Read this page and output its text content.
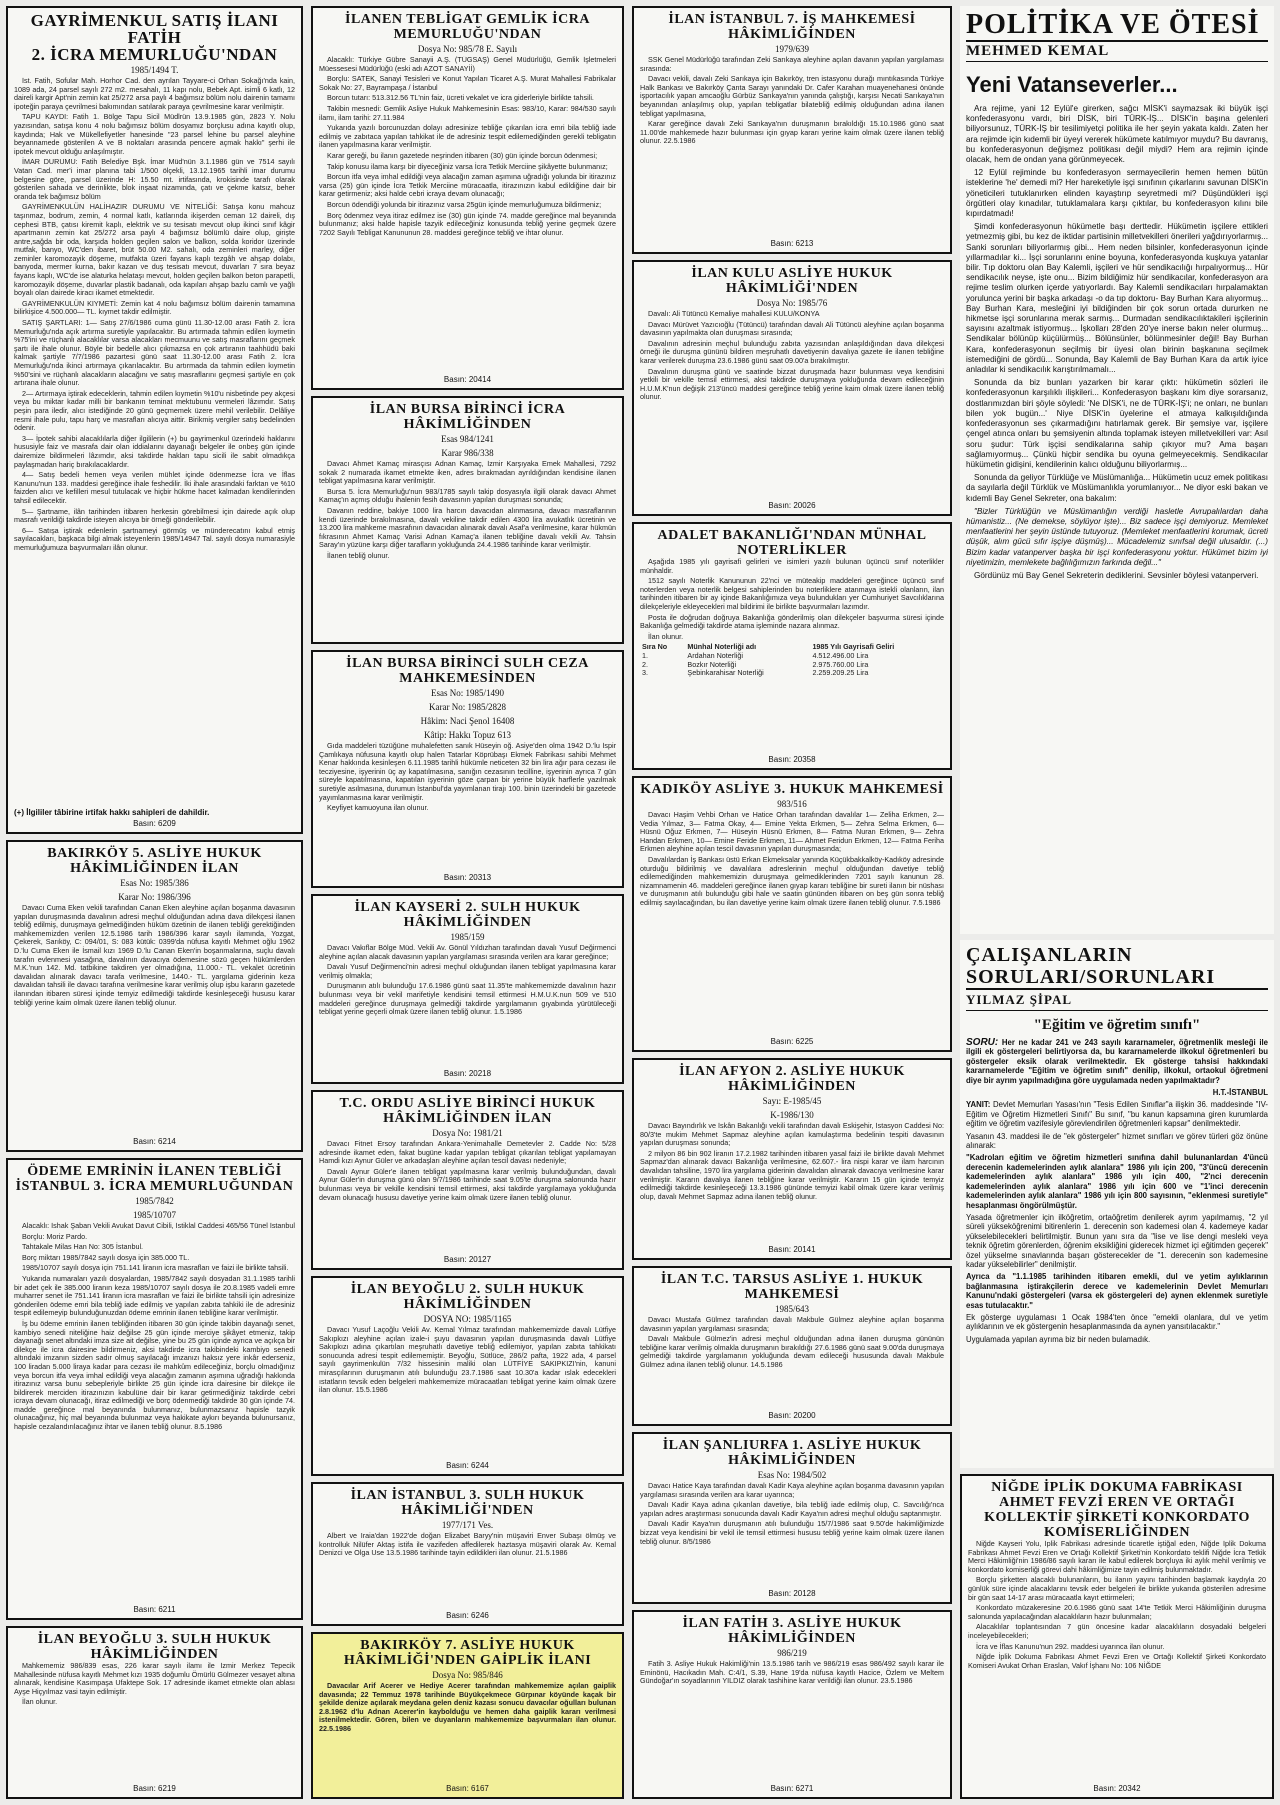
GAYRİMENKUL SATIŞ İLANI
FATİH
2. İCRA MEMURLUĞU'NDAN
1985/1494 T.

İst. Fatih, Sofular Mah. Horhor Cad. den ayrılan Tayyare-ci Orhan Sokağı'nda kain, 1089 ada, 24 parsel sayılı 272 m2. mesahalı, 11 kapı nolu, Bebek Apt. isimli 6 katlı, 12 daireli kargir Apt'nin zemin kat 25/272 arsa paylı 4 bağımsız bölüm nolu dairenin tamamı ipoteğin paraya çevrilmesi bakımından satılarak paraya çevrilmesine karar verilmiştir.

TAPU KAYDI: Fatih 1. Bölge Tapu Sicil Müdlrün 13.9.1985 gün, 2823 Y. Nolu yazısından, satışa konu 4 nolu bağımsız bölüm dosyamız borçlusu adına kayıtlı olup, kaydında; Hak ve Mükellefiyetler hanesinde "23 parsel lehine bu parsel aleyhine beyannamede gösterilen A ve B noktaları arasında pencere açmak hakkı" şerhi ile ipotek mevcut olduğu anlaşılmıştır.

İMAR DURUMU: Fatih Belediye Bşk. İmar Müd'nün 3.1.1986 gün ve 7514 sayılı Vatan Cad. mer'i imar planına tabi 1/500 ölçekli, 13.12.1965 tarihli imar durumu belgesine göre, parsel üzerinde H: 15.50 mt. irtifasında, krokisinde tarafı olarak gösterilen sahada ve derinlikte, blok inşaat nizamında, çatı ve çekme katsız, beher oranda tek bağımsız bölüm

GAYRİMENKULÜN HALİHAZIR DURUMU VE NİTELİĞİ: Satışa konu mahcuz taşınmaz, bodrum, zemin, 4 normal katlı, katlarında ikişerden ceman 12 daireli, dış cephesi BTB, çatısı kiremit kaplı, elektrik ve su tesisatı mevcut olup ikinci sınıf kâgir apartmanın zemin kat 25/272 arsa paylı 4 bağımsız bölümlü daire olup, girişte antre,sağda bir oda, karşıda holden geçilen salon ve balkon, solda koridor üzerinde mutfak, banyo, WC'den ibaret, brüt 50.00 M2. sahalı, oda zeminleri marley, diğer zeminler karomozayik döşeme, mutfakta üzeri fayans kaplı tezgâh ve ahşap dolabı, banyoda, mermer kurna, bakır kazan ve duş tesisatı mevcut, duvarları 7 sıra beyaz fayans kaplı, WC'de ise alaturka helataşı mevcut, holden geçilen balkon beton parapetli, karomozayik döşeme, duvarlar plastik badanalı, oda kapıları ahşap bazlu camlı ve yağlı boyalı olan dairede kiracı ikamet etmektedir.

GAYRİMENKULÜN KIYMETİ: Zemin kat 4 nolu bağımsız bölüm dairenin tamamına bilirkişice 4.500.000— TL. kıymet takdir edilmiştir.

SATIŞ ŞARTLARI: 1— Satış 27/6/1986 cuma günü 11.30-12.00 arası Fatih 2. İcra Memurluğu'nda açık artırma suretiyle yapılacaktır. Bu artırmada tahmin edilen kıymetin %75'ini ve rüçhanlı alacaklılar varsa alacakları mecmuunu ve satış masraflarını geçmek şartı ile ihale olunur. Böyle bir bedelle alıcı çıkmazsa en çok artıranın taahhüdü baki kalmak şartiyle 7/7/1986 pazartesi günü saat 11.30-12.00 arası Fatih 2. İcra Memurluğu'nda ikinci artırmaya çıkarılacaktır. Bu artırmada da tahmin edilen kıymetin %50'sini ve rüçhanlı alacakların alacağını ve satış masraflarını geçmesi şartiyle en çok artırana ihale olunur.

2— Artırmaya iştirak edeceklerin, tahmin edilen kıymetin %10'u nisbetinde pey akçesi veya bu miktar kadar milli bir bankanın teminat mektubunu vermeleri lâzımdır. Satış peşin para iledir, alıcı istediğinde 20 günü geçmemek üzere mehil verilebilir. Delâliye resmi ihale pulu, tapu harç ve masrafları alıcıya aittir. Birikmiş vergiler satış bedelinden ödenir.

3— İpotek sahibi alacaklılarla diğer ilgililerin (+) bu gayrimenkul üzerindeki haklarını hususiyle faiz ve masrafa dair olan iddialarını dayanağı belgeler ile onbeş gün içinde dairemize bildirmeleri lâzımdır, aksi takdirde hakları tapu sicili ile sabit olmadıkça paylaşmadan hariç bırakılacaklardır.

4— Satış bedeli hemen veya verilen mühlet içinde ödenmezse İcra ve İflas Kanunu'nun 133. maddesi gereğince ihale feshedilir. İki ihale arasındaki farktan ve %10 faizden alıcı ve kefilleri mesul tutulacak ve hiçbir hükme hacet kalmadan kendilerinden tahsil edilecektir.

5— Şartname, ilân tarihinden itibaren herkesin görebilmesi için dairede açık olup masrafı verildiği takdirde isteyen alıcıya bir örneği gönderilebilir.

6— Satışa iştirak edenlerin şartnameyi görmüş ve münderecatını kabul etmiş sayılacakları, başkaca bilgi almak isteyenlerin 1985/14947 Tal. sayılı dosya numarasiyle memurluğumuza başvurmaları ilân olunur.

(+) İlgililer tâbirine irtifak hakkı sahipleri de dahildir.
Basın: 6209
BAKIRKÖY 5. ASLİYE HUKUK HÂKİMLİĞİNDEN İLAN
Esas No: 1985/386
Karar No: 1986/396

Davacı Cuma Eken vekili tarafından Canan Eken aleyhine açılan boşanma davasının yapılan duruşmasında davalının adresi meçhul olduğundan adına dava dilekçesi ilanen tebliğ edilmiş, duruşmaya gelmediğinden hüküm özetinin de ilanen tebliği gerektiğinden mahkememizden verilen 12.5.1986 tarih 1986/396 karar sayılı ilamında, Yozgat, Çekerek, Sarıköy, C: 094/01, S: 083 kütük: 0399'da nüfusa kayıtlı Mehmet oğlu 1962 D.'lu Cuma Eken ile İsmail kızı 1969 D.'lu Canan Eken'in boşanmalarına, suçlu davalı tarafın evlenmesi yasağına, davalının davacıya ödemesine sözü geçen hükümlerden M.K.'nun 142. Md. tatbikine takdiren yer olmadığına, 11.000.- TL. vekalet ücretinin davalıdan alınarak davacı tarafa verilmesine, 1440.- TL. yargılama giderinin keza davalıdan tahsili ile davacı tarafına verilmesine karar verilmiş olup işbu kararın gazetede ilanından itibaren süresi içinde temyiz edilmediği takdirde kesinleşeceği hususu karar tebliği yerine kaim olmak üzere ilanen tebliğ olunur.

Basın: 6214
ÖDEME EMRİNİN İLANEN TEBLİĞİ İSTANBUL 3. İCRA MEMURLUĞUNDAN
1985/7842
1985/10707

Alacaklı: İshak Şaban Vekili Avukat Davut Cibili, İstiklal Caddesi 465/56 Tünel İstanbul

Borçlu: Moriz Pardo.

Tahtakale Milas Han No: 305 İstanbul.

Borç miktarı 1985/7842 sayılı dosya için 385.000 TL.

1985/10707 sayılı dosya için 751.141 liranın icra masrafları ve faizi ile birlikte tahsili.

Yukarıda numaraları yazılı dosyalardan, 1985/7842 sayılı dosyadan 31.1.1985 tarihli bir adet çek ile 385.000 liranın keza 1985/10707 sayılı dosya ile 20.8.1985 vadeli emre muharrer senet ile 751.141 liranın icra masrafları ve faizi ile birlikte tahsili için adresinize gönderilen ödeme emri bila tebliğ iade edilmiş ve yapılan zabıta tahkiki ile de adresiniz tespit edilemeyip bulunduğunuzdan ödeme emrinin ilanen tebliğine karar verilmiştir.

İş bu ödeme emrinin ilanen tebliğinden itibaren 30 gün içinde takibin dayanağı senet, kambiyo senedi niteliğine haiz değilse 25 gün içinde merciye şikâyet etmeniz, takip dayanağı senet altındaki imza size ait değilse, yine bu 25 gün içinde ayrıca ve açıkça bir dilekçe ile icra dairesine bildirmeniz, aksi takdirde icra takibindeki kambiyo senedi altındaki imzanın sizden sadır olmuş sayılacağı imzanızı haksız yere inkâr ederseniz, 100 liradan 5.000 liraya kadar para cezası ile mahkûm edileceğiniz, borçlu olmadığınız veya borcun itfa veya imhal edildiği veya alacağın zamanın aşımına uğradığı hakkında itirazınız varsa bunu sebepleriyle birlikte 25 gün içinde icra dairesine bir dilekçe ile bildirerek merciden itirazınızın kabulüne dair bir karar getirmediğiniz takdirde cebri icraya devam olunacağı, itiraz edilmediği ve borç ödenmediği takdirde 30 gün içinde 74. madde gereğince mal beyanında bulunmanız, bulunmazsanız hapisle tazyik olunacağınız, hiç mal beyanında bulunmaz veya hakikate aykırı beyanda bulunursanız, hapisle cezalandırılacağınız ihtar ve ilanen tebliğ olunur. 8.5.1986

Basın: 6211
İLAN BEYOĞLU 3. SULH HUKUK HÂKİMLİĞİNDEN

Mahkememiz 986/839 esas, 226 karar sayılı ilamı ile İzmir Merkez Tepecik Mahallesinde nüfusa kayıtlı Mehmet kızı 1935 doğumlu Ömürlü Gülmezer vesayet altına alınarak, kendisine Kasımpaşa Ufaktepe Sok. 17 adresinde ikamet etmekte olan ablası Ayşe Hiçyılmaz vasi tayin edilmiştir.

İlan olunur.

Basın: 6219
İLANEN TEBLİGAT GEMLİK İCRA MEMURLUĞU'NDAN
Dosya No: 985/78 E. Sayılı

Alacaklı: Türkiye Gübre Sanayii A.Ş. (TÜGSAŞ) Genel Müdürlüğü, Gemlik İşletmeleri Müessesesi Müdürlüğü (eski adı AZOT SANAYİİ)

Borçlu: SATEK, Sanayi Tesisleri ve Konut Yapıları Ticaret A.Ş. Murat Mahallesi Fabrikalar Sokak No: 27, Bayrampaşa / İstanbul

Borcun tutarı: 513.312.56 TL'nin faiz, ücreti vekalet ve icra giderleriyle birlikte tahsili.

Takibin mesnedi: Gemlik Asliye Hukuk Mahkemesinin Esas: 983/10, Karar: 984/530 sayılı ilamı, ilam tarihi: 27.11.984

Yukarıda yazılı borcunuzdan dolayı adresinize tebliğe çıkarılan icra emri bila tebliğ iade edilmiş ve zabıtaca yapılan tahkikat ile de adresiniz tespit edilemediğinden gerekli tebligatın ilanen yapılmasına karar verilmiştir.

Karar gereği, bu ilanın gazetede neşrinden itibaren (30) gün içinde borcun ödenmesi;

Takip konusu ilama karşı bir diyeceğiniz varsa İcra Tetkik Merciine şikâyette bulunmanız;

Borcun itfa veya imhal edildiği veya alacağın zaman aşımına uğradığı yolunda bir itirazınız varsa (25) gün içinde İcra Tetkik Merciine müracaatla, itirazınızın kabul edildiğine dair bir karar getirmeniz; aksi halde cebri icraya devam olunacağı;

Borcun ödendiği yolunda bir itirazınız varsa 25gün içinde memurluğumuza bildirmeniz;

Borç ödenmez veya itiraz edilmez ise (30) gün içinde 74. madde gereğince mal beyanında bulunmanız; aksi halde hapisle tazyik edileceğiniz konusunda tebliğ yerine geçmek üzere 7202 Sayılı Tebligat Kanununun 28. maddesi gereğince tebliğ ve ihtar olunur.

Basın: 20414
İLAN BURSA BİRİNCİ İCRA HÂKİMLİĞİNDEN
Esas 984/1241
Karar 986/338

Davacı Ahmet Kamaç mirasçısı Adnan Kamaç, İzmir Karşıyaka Emek Mahallesi, 7292 sokak 2 numarada ikamet etmekte iken, adres bırakmadan ayrıldığından kendisine ilanen tebligat yapılmasına karar verilmiştir.

Bursa 5. İcra Memurluğu'nun 983/1785 sayılı takip dosyasıyla ilgili olarak davacı Ahmet Kamaç'ın açmış olduğu ihalenin fesih davasının yapılan duruşması sonunda;

Davanın reddine, bakiye 1000 lira harcın davacıdan alınmasına, davacı masraflarının kendi üzerinde bırakılmasına, davalı vekiline takdir edilen 4300 lira avukatlık ücretinin ve 13.200 lira mahkeme masrafının davacıdan alınarak davalı Asaf'a verilmesine, karar hükmün fıkrasının Ahmet Kamaç Varisi Adnan Kamaç'a ilanen tebliğine davalı vekili Av. Tahsin Saray'ın yüzüne karşı diğer tarafların yokluğunda 24.4.1986 tarihinde karar verilmiştir.

İlanen tebliğ olunur.

İLAN BURSA BİRİNCİ SULH CEZA MAHKEMESİNDEN
Esas No: 1985/1490
Karar No: 1985/2828
Hâkim: Naci Şenol 16408
Kâtip: Hakkı Topuz 613

Gıda maddeleri tüzüğüne muhalefetten sanık Hüseyin oğ. Asiye'den olma 1942 D.'lu İspir Çamlıkaya nüfusuna kayıtlı olup halen Tatarlar Köprübaşı Ekmek Fabrikası sahibi Mehmet Kenar hakkında kesinleşen 6.11.1985 tarihli hükümle neticeten 32 bin lira ağır para cezası ile tecziyesine, işyerinin üç ay kapatılmasına, sanığın cezasının tecilline, işyerinin ayrıca 7 gün süreyle kapatılmasına, kapatılan işyerinin göze çarpan bir yerine büyük harflerle yazılmak suretiyle asılmasına, durumun İstanbul'da yayımlanan tirajı 100. binin üzerindeki bir gazetede yayımlanmasına karar verilmiştir.

Keyfiyet kamuoyuna ilan olunur.

Basın: 20313
İLAN KAYSERİ 2. SULH HUKUK HÂKİMLİĞİNDEN
1985/159

Davacı Vakıflar Bölge Müd. Vekili Av. Gönül Yıldızhan tarafından davalı Yusuf Değirmenci aleyhine açılan alacak davasının yapılan yargılaması sırasında verilen ara karar gereğince;

Davalı Yusuf Değirmenci'nin adresi meçhul olduğundan ilanen tebligat yapılmasına karar verilmiş olmakla;

Duruşmanın atılı bulunduğu 17.6.1986 günü saat 11.35'te mahkememizde davalının hazır bulunması veya bir vekil marifetiyle kendisini temsil ettirmesi H.M.U.K.nun 509 ve 510 maddeleri gereğince duruşmaya gelmediği takdirde yargılamanın gıyabında yürütüleceği tebligat yerine geçerli olmak üzere ilanen tebliğ olunur. 1.5.1986

Basın: 20218
T.C. ORDU ASLİYE BİRİNCİ HUKUK HÂKİMLİĞİNDEN İLAN
Dosya No: 1981/21

Davacı Fitnet Ersoy tarafından Ankara-Yenimahalle Demetevler 2. Cadde No: 5/28 adresinde ikamet eden, fakat bugüne kadar yapılan tebligat çıkarılan tebligat yapılamayan Hamdi kızı Aynur Güler ve arkadaşları aleyhine açılan tescil davası nedeniyle;

Davalı Aynur Güler'e ilanen tebligat yapılmasına karar verilmiş bulunduğundan, davalı Aynur Güler'in duruşma günü olan 9/7/1986 tarihinde saat 9.05'te duruşma salonunda hazır bulunması veya bir vekille kendisini temsil ettirmesi, aksi takdirde yargılamaya yokluğunda devam olunacağı hususu davetiye yerine kaim olmak üzere ilanen tebliğ olunur.

Basın: 20127
İLAN BEYOĞLU 2. SULH HUKUK HÂKİMLİĞİNDEN
DOSYA NO: 1985/1165

Davacı Yusuf Laçoğlu Vekili Av. Kemal Yılmaz tarafından mahkememizde davalı Lütfiye Sakıpkızı aleyhine açılan izale-i şuyu davasının yapılan duruşmasında davalı Lütfiye Sakıpkızı adına çıkartılan meşruhatlı davetiye tebliğ edilemiyor, yapılan zabıta tahkikatı sonucunda adresi tespit edilememiştir. Beyoğlu, Sütlüce, 286/2 pafta, 1922 ada, 4 parsel sayılı gayrimenkulün 7/32 hissesinin maliki olan LÜTFİYE SAKIPKIZI'nin, kanuni mirasçılarının duruşmanın atılı bulunduğu 23.7.1986 saat 10.30'a kadar ıslak edecekleri ıstatların tevsik eden belgeleri mahkememize müracaatları tebligat yerine kaim olmak üzere ilan olunur. 15.5.1986

Basın: 6244
İLAN İSTANBUL 3. SULH HUKUK HÂKİMLİĞİ'NDEN
1977/171 Ves.

Albert ve Iraia'dan 1922'de doğan Elizabet Baryy'nin müşaviri Enver Subaşı ölmüş ve kontrolluk Nilüfer Aktaş istifa ile vazifeden affedilerek haztasya müşaviri olarak Av. Kemal Denizci ve Olga Use 13.5.1986 tarihinde tayin edildikleri ilan olunur. 21.5.1986

Basın: 6246
BAKIRKÖY 7. ASLİYE HUKUK HÂKİMLİĞİ'NDEN GAİPLİK İLANI
Dosya No: 985/846

Davacılar Arif Acerer ve Hediye Acerer tarafından mahkememize açılan gaiplik davasında; 22 Temmuz 1978 tarihinde Büyükçekmece Gürpınar köyünde kaçak bir şekilde denize açılarak meydana gelen deniz kazası sonucu davacılar oğulları bulunan 2.8.1962 d'lu Adnan Acerer'in kaybolduğu ve hemen daha gaiplik kararı verilmesi istenilmektedir. Gören, bilen ve duyanların mahkememize başvurmaları ilan olunur. 22.5.1986

Basın: 6167
İLAN İSTANBUL 7. İŞ MAHKEMESİ HÂKİMLİĞİNDEN
1979/639

SSK Genel Müdürlüğü tarafından Zeki Sarıkaya aleyhine açılan davanın yapılan yargılaması sırasında:

Davacı vekili, davalı Zeki Sarıkaya için Bakırköy, tren istasyonu durağı mıntıkasında Türkiye Halk Bankası ve Bakırköy Çanta Sarayı yanındaki Dr. Cafer Karahan muayenehanesi önünde işportacılık yapan amcaoğlu Gürbüz Sarıkaya'nın yanında çalıştığı, karşısı Necati Sarıkaya'nın beyanından anlaşılmış olup, yapılan tebligatlar bilatebliğ edilmiş olduğundan adına ilanen tebligat yapılmasına,

Karar gereğince davalı Zeki Sarıkaya'nın duruşmanın bırakıldığı 15.10.1986 günü saat 11.00'de mahkemede hazır bulunması için gıyap kararı yerine kaim olmak üzere ilanen tebliğ olunur. 22.5.1986

Basın: 6213
İLAN KULU ASLİYE HUKUK HÂKİMLİĞİ'NDEN
Dosya No: 1985/76

Davalı: Ali Tütüncü Kemaliye mahallesi KULU/KONYA

Davacı Mürüvet Yazıcıoğlu (Tütüncü) tarafından davalı Ali Tütüncü aleyhine açılan boşanma davasının yapılmakta olan duruşması sırasında;

Davalının adresinin meçhul bulunduğu zabıta yazısından anlaşıldığından dava dilekçesi örneği ile duruşma gününü bildiren meşruhatlı davetiyenin davalıya gazete ile ilanen tebliğine karar verilerek duruşma 23.6.1986 günü saat 09.00'a bırakılmıştır.

Davalının duruşma günü ve saatinde bizzat duruşmada hazır bulunması veya kendisini yetkili bir vekille temsil ettirmesi, aksi takdirde duruşmaya yokluğunda devam edileceğinin H.U.M.K'nun değişik 213'üncü maddesi gereğince tebliğ yerine kaim olmak üzere ilanen tebliğ olunur.

Basın: 20026
ADALET BAKANLIĞI'NDAN MÜNHAL NOTERLİKLER

Aşağıda 1985 yılı gayrisafi gelirleri ve isimleri yazılı bulunan üçüncü sınıf noterlikler münhaldir.

1512 sayılı Noterlik Kanununun 22'nci ve müteakip maddeleri gereğince üçüncü sınıf noterlerden veya noterlik belgesi sahiplerinden bu noterliklere atanmaya istekli olanların, ilan tarihinden itibaren bir ay içinde Bakanlığımıza veya bulundukları yer Cumhuriyet Savcılıklarına dilekçeleriyle ekleyecekleri mal bildirimi ile birlikte başvurmaları lazımdır.

Posta ile doğrudan doğruya Bakanlığa gönderilmiş olan dilekçeler başvurma süresi içinde Bakanlığa gelmediği takdirde atama işleminde nazara alınmaz.

İlan olunur.

Sıra No	Münhal Noterliği adı	1985 Yılı Gayrisafi Geliri
1.	Ardahan Noterliği	4.512.496.00 Lira
2.	Bozkır Noterliği	2.975.760.00 Lira
3.	Şebinkarahisar Noterliği	2.259.209.25 Lira
Basın: 20358
KADIKÖY ASLİYE 3. HUKUK MAHKEMESİ
983/516

Davacı Haşim Vehbi Orhan ve Hatice Orhan tarafından davalılar 1— Zeliha Erkmen, 2— Vedia Yılmaz, 3— Fatma Okay, 4— Emine Yekta Erkmen, 5— Zehra Selma Erkmen, 6— Hüsnü Oğuz Erkmen, 7— Hüseyin Hüsnü Erkmen, 8— Fatma Nuran Erkmen, 9— Zehra Handan Erkmen, 10— Emine Feride Erkmen, 11— Ahmet Feridun Erkmen, 12— Fatma Feriha Erkmen aleyhine açılan tescil davasının yapılan duruşmasında;

Davalılardan İş Bankası üstü Erkan Ekmeksalar yanında Küçükbakkalköy-Kadıköy adresinde oturduğu bildirilmiş ve davalılara adreslerinin meçhul olduğundan davetiye tebliğ edilemediğinden mahkememizin duruşmaya gelmediklerinden 7201 sayılı kanunun 28. nizamnamenin 46. maddeleri gereğince ilanen gıyap kararı tebliğine bir sureti ilanın bir nüshası ve duruşmanın atılı bulunduğu gibi hale ve saatin gününden itibaren on beş gün sonra tebliğ edilmiş sayılacağından, bu ilan davetiye yerine kaim olmak üzere ilanen tebliğ olunur. 7.5.1986

Basın: 6225
İLAN AFYON 2. ASLİYE HUKUK HÂKİMLİĞİNDEN
Sayı: E-1985/45
K-1986/130

Davacı Bayındırlık ve İskân Bakanlığı vekili tarafından davalı Eskişehir, İstasyon Caddesi No: 80/3'te mukim Mehmet Sapmaz aleyhine açılan kamulaştırma bedelinin tespiti davasının yapılan duruşması sonunda;

2 milyon 86 bin 902 liranın 17.2.1982 tarihinden itibaren yasal faizi ile birlikte davalı Mehmet Sapmaz'dan alınarak davacı Bakanlığa verilmesine, 62.607.- lira nispi karar ve ilam harcının davalıdan tahsiline, 1970 lira yargılama giderinin davalıdan alınarak davacıya verilmesine karar verilmiştir. Kararın davalıya ilanen tebliğine karar verilmiştir. Kararın 15 gün içinde temyiz edilmediği takdirde kesinleşeceği 13.3.1986 gününde temyizi kabil olmak üzere karar verilmiş olup, davalı Mehmet Sapmaz adına ilanen tebliğ olunur.

Basın: 20141
İLAN T.C. TARSUS ASLİYE 1. HUKUK MAHKEMESİ
1985/643

Davacı Mustafa Gülmez tarafından davalı Makbule Gülmez aleyhine açılan boşanma davasının yapılan yargılaması sırasında;

Davalı Makbule Gülmez'in adresi meçhul olduğundan adına ilanen duruşma gününün tebliğine karar verilmiş olmakla duruşmanın bırakıldığı 27.6.1986 günü saat 9.00'da duruşmaya gelmediği takdirde yargılamanın yokluğunda devam edileceği hususunda davalı Makbule Gülmez adına ilanen tebliğ olunur. 14.5.1986

Basın: 20200
İLAN ŞANLIURFA 1. ASLİYE HUKUK HÂKİMLİĞİNDEN
Esas No: 1984/502

Davacı Hatice Kaya tarafından davalı Kadir Kaya aleyhine açılan boşanma davasının yapılan yargılaması sırasında verilen ara karar uyarınca;

Davalı Kadir Kaya adına çıkarılan davetiye, bila tebliğ iade edilmiş olup, C. Savcılığı'nca yapılan adres araştırması sonucunda davalı Kadir Kaya'nın adresi meçhul olduğu saptanmıştır.

Davalı Kadir Kaya'nın duruşmanın atılı bulunduğu 15/7/1986 saat 9.50'de hakimliğimizde bizzat veya kendisini bir vekil ile temsil ettirmesi hususu tebliğ yerine kaim olmak üzere ilanen tebliğ olunur. 8/5/1986

Basın: 20128
İLAN FATİH 3. ASLİYE HUKUK HÂKİMLİĞİNDEN
986/219

Fatih 3. Asliye Hukuk Hakimliği'nin 13.5.1986 tarih ve 986/219 esas 986/492 sayılı karar ile Eminönü, Hacıkadın Mah. C:4/1, S.39, Hane 19'da nüfusa kayıtlı Hacice, Özlem ve Meltem Gündoğar'ın soyadlarının YILDIZ olarak tashihine karar verildiği ilan olunur. 23.5.1986

Basın: 6271
POLİTİKA VE ÖTESİ
MEHMED KEMAL
Yeni Vatanseverler...

Ara rejime, yani 12 Eylül'e girerken, sağcı MİSK'i saymazsak iki büyük işçi konfederasyonu vardı, biri DİSK, biri TÜRK-İŞ... DİSK'in başına gelenleri biliyorsunuz, TÜRK-İŞ bir tesilimiyetçi politika ile her şeyin yakata kaldı. Zaten her ara rejimde için kıdemli bir üyeyi vererek hükümete katılmıyor muydu? Bu davranış, bu konfederasyonun değişmez politikası değil miydi? Hem ara rejimin içinde olacak, hem de ondan yana görünmeyecek.

12 Eylül rejiminde bu konfederasyon sermayecilerin hemen hemen bütün isteklerine 'he' demedi mi? Her hareketiyle işçi sınıfının çıkarlarını savunan DİSK'in yöneticileri tutuklanırken elinden kayaştırıp seyretmedi mi? Düşündükleri işçi örgütleri olay kınadılar, tutuklamalara karşı çıktılar, bu konfederasyon kılını bile kıpırdatmadı!

Şimdi konfederasyonun hükümetle başı derttedir. Hükümetin işçilere ettikleri yetmezmiş gibi, bu kez de iktidar partisinin milletvekilleri önerileri yağdırıyorlarmış... Sanki sorunları biliyorlarmış gibi... Hem neden bilsinler, konfederasyonun içinde yıllarmadılar ki... İşçi sorunlarını enine boyuna, konfederasyonda kuşkuya yatanlar bilir. Tıp doktoru olan Bay Kalemli, işçileri ve hür sendikacılığı hırpalıyormuş... Hür sendikacılık neyse, işte onu... Bizim bildiğimiz hür sendikacılar, konfederasyon ara rejime teslim olurken içerde yatıyorlardı. Bay Kalemli sendikacıları hırpalamaktan yorulunca yerini bir başka arkadaşı -o da tıp doktoru- Bay Burhan Kara alıyormuş... Bay Burhan Kara, mesleğini iyi bildiğinden bir çok sorun ortada dururken ne hikmetse işçi sorunlarına merak sarmış... Durmadan sendikacılıktakileri işçilerinin sayısını azaltmak istiyormuş... İşkolları 28'den 20'ye inerse bakın neler olurmuş... Sendikalar bölünüp küçülürmüş... Bölünsünler, bölünmesinler değil! Bay Burhan Kara, konfederasyonun seçilmiş bir üyesi olan birinin başkanına seçilmek istemediğini de gördü... Sonunda, Bay Kalemli de Bay Burhan Kara da artık iyice anladılar ki sendikacılık karıştırılmamalı...

Sonunda da biz bunları yazarken bir karar çıktı: hükümetin sözleri ile konfederasyonun karşılıklı ilişkileri... Konfederasyon başkanı kim diye sorarsanız, dostlarımızdan biri şöyle söyledi: 'Ne DİSK'i, ne de TÜRK-İŞ'i; ne onları, ne bunları bilen yok bugün...' Niye DİSK'in üyelerine el atmaya kalkışıldığında konfederasyonun ses çıkarmadığını hatırlamak gerek. Bir şemsiye var, işçilere çengel atınca onları bu şemsiyenin altında toplamak isteyen milletvekilleri var: Asıl soru şudur: Türk işçisi sendikalarına sahip çıkıyor mu? Ama başarı sağlamıyormuş... Çünkü hiçbir sendika bu oyuna gelmeyecekmiş. Sendikacılar hükümetin gidişini, kendilerinin kalıcı olduğunu biliyorlarmış...

Sonunda da geliyor Türklüğe ve Müslümanlığa... Hükümetin ucuz emek politikası da sayılarla değil Türklük ve Müslümanlıkla yorumlanıyor... Ne diyor eski bakan ve kıdemli Bay Genel Sekreter, ona bakalım:

"Bizler Türklüğün ve Müslümanlığın verdiği hasletle Avrupalılardan daha hümanistiz... (Ne demekse, söylüyor işte)... Biz sadece işçi demiyoruz. Memleket menfaatlerini her şeyin üstünde tutuyoruz. (Memleket menfaatlerini korumak, ücreti düşük, alım gücü sıfır işçiye düşmüş)... Mücadelemiz sınıfsal değil ulusaldır. (...) Bizim kadar vatanperver başka bir işçi konfederasyonu yoktur. Hükümet bizim iyi niyetimizin, memlekete bağlılığımızın farkında değil..."

Gördünüz mü Bay Genel Sekreterin dediklerini. Sevsinler böylesi vatanperveri.

ÇALIŞANLARIN
SORULARI/SORUNLARI
YILMAZ ŞİPAL
"Eğitim ve öğretim sınıfı"

SORU: Her ne kadar 241 ve 243 sayılı kararnameler, öğretmenlik mesleği ile ilgili ek göstergeleri belirtiyorsa da, bu kararnamelerde ilkokul öğretmenleri bu göstergeler eksik olarak verilmektedir. Ek gösterge tahsisi hakkındaki kararnamelerde "Eğitim ve öğretim sınıfı" denilip, ilkokul, ortaokul öğretmeni diye bir ayrım yapılmadığına göre uygulamada neden yapılmaktadır?

H.T.-İSTANBUL

YANIT: Devlet Memurları Yasası'nın "Tesis Edilen Sınıflar"a ilişkin 36. maddesinde "IV- Eğitim ve Öğretim Hizmetleri Sınıfı" Bu sınıf, "bu kanun kapsamına giren kurumlarda eğitim ve öğretim vazifesiyle görevlendirilen öğretmenleri kapsar" denilmektedir.

Yasanın 43. maddesi ile de "ek göstergeler" hizmet sınıfları ve görev türleri göz önüne alınarak:

"Kadroları eğitim ve öğretim hizmetleri sınıfına dahil bulunanlardan 4'üncü derecenin kademelerinden aylık alanlara" 1986 yılı için 200, "3'üncü derecenin kademelerinden aylık alanlara" 1986 yılı için 400, "2'nci derecenin kademelerinden aylık alanlara" 1986 yılı için 600 ve "1'inci derecenin kademelerinden aylık alanlara" 1986 yılı için 800 sayısının, "eklenmesi suretiyle" hesaplanması öngörülmüştür.

Yasada öğretmenler için ilköğretim, ortaöğretim denilerek ayrım yapılmamış, "2 yıl süreli yükseköğrenimi bitirenlerin 1. derecenin son kademesi olan 4. kademeye kadar yükselebilecekleri belirtilmiştir. Bunun yanı sıra da "lise ve lise dengi mesleki veya teknik öğretim görenlerden, öğrenim eksikliğini giderecek hizmet içi eğitimden geçerek" özel yükselme sınavlarında başarı gösterecekler de "1. derecenin son kademesine kadar yükselebilirler" denilmiştir.

Ayrıca da "1.1.1985 tarihinden itibaren emekli, dul ve yetim aylıklarının bağlanmasına iştirakçilerin derece ve kademelerinin Devlet Memurları Kanunu'ndaki göstergeleri (varsa ek göstergeleri de) aynen eklenmek suretiyle esas tutulacaktır."

Ek gösterge uygulaması 1 Ocak 1984'ten önce "emekli olanlara, dul ve yetim aylıklarının ve ek göstergenin hesaplanmasında da aynen yansıtılacaktır."

Uygulamada yapılan ayrıma biz bir neden bulamadık.

NİĞDE İPLİK DOKUMA FABRİKASI AHMET FEVZİ EREN VE ORTAĞI KOLLEKTİF ŞİRKETİ KONKORDATO KOMİSERLİĞİNDEN

Niğde Kayseri Yolu, İplik Fabrikası adresinde ticaretle iştiğal eden, Niğde İplik Dokuma Fabrikası Ahmet Fevzi Eren ve Ortağı Kollektif Şirketi'nin Konkordato teklifi Niğde İcra Tetkik Merci Hâkimliği'nin 1986/86 sayılı kararı ile kabul edilerek borçluya iki aylık mehil verilmiş ve konkordato komiserliği görevi dahi hâkimliğimize tayin edilmiş bulunmaktadır.

Borçlu şirketten alacaklı bulunanların, bu ilanın yayını tarihinden başlamak kaydıyla 20 günlük süre içinde alacaklarını tevsik eder belgeleri ile birlikte yukarıda gösterilen adresime bir gün saat 14-17 arası müracaatla kayıt ettirmeleri;

Konkordato müzakeresine 20.6.1986 günü saat 14'te Tetkik Merci Hâkimliğinin duruşma salonunda yapılacağından alacaklıların hazır bulunmaları;

Alacaklılar toplantısından 7 gün öncesine kadar alacaklıların dosyadaki belgeleri inceleyebilecekleri;

İcra ve İflas Kanunu'nun 292. maddesi uyarınca ilan olunur.

Niğde İplik Dokuma Fabrikası Ahmet Fevzi Eren ve Ortağı Kollektif Şirketi Konkordato Komiseri Avukat Orhan Eraslan, Vakıf İşhanı No: 106 NİĞDE

Basın: 20342
